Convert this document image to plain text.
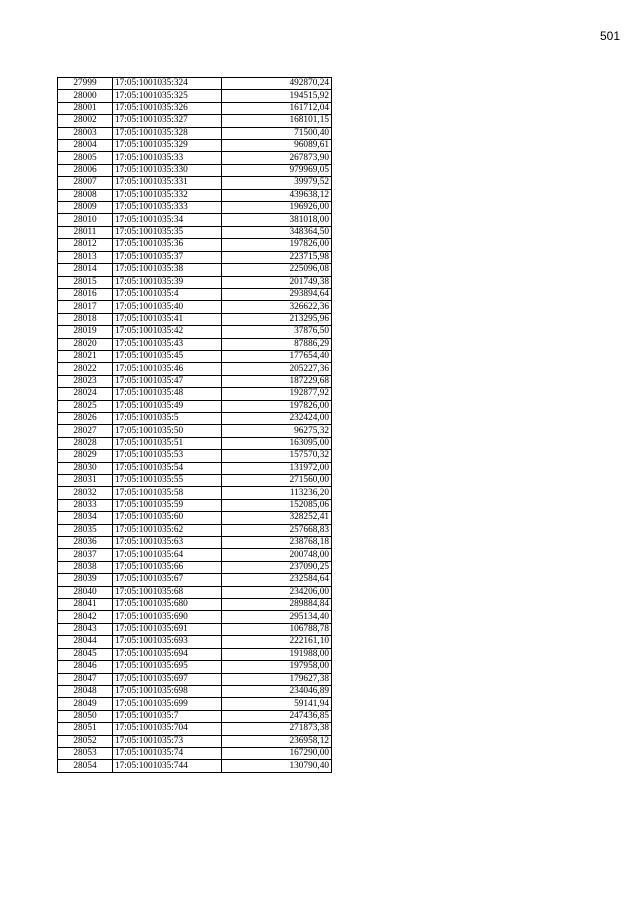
501
27999	17:05:1001035:324	492870,24
28000	17:05:1001035:325	194515,92
28001	17:05:1001035:326	161712,04
28002	17:05:1001035:327	168101,15
28003	17:05:1001035:328	71500,40
28004	17:05:1001035:329	96089,61
28005	17:05:1001035:33	267873,90
28006	17:05:1001035:330	979969,05
28007	17:05:1001035:331	39979,52
28008	17:05:1001035:332	439638,12
28009	17:05:1001035:333	196926,00
28010	17:05:1001035:34	381018,00
28011	17:05:1001035:35	348364,50
28012	17:05:1001035:36	197826,00
28013	17:05:1001035:37	223715,98
28014	17:05:1001035:38	225096,08
28015	17:05:1001035:39	201749,38
28016	17:05:1001035:4	293894,64
28017	17:05:1001035:40	326622,36
28018	17:05:1001035:41	213295,96
28019	17:05:1001035:42	37876,50
28020	17:05:1001035:43	87886,29
28021	17:05:1001035:45	177654,40
28022	17:05:1001035:46	205227,36
28023	17:05:1001035:47	187229,68
28024	17:05:1001035:48	192877,92
28025	17:05:1001035:49	197826,00
28026	17:05:1001035:5	232424,00
28027	17:05:1001035:50	96275,32
28028	17:05:1001035:51	163095,00
28029	17:05:1001035:53	157570,32
28030	17:05:1001035:54	131972,00
28031	17:05:1001035:55	271560,00
28032	17:05:1001035:58	113236,20
28033	17:05:1001035:59	152085,06
28034	17:05:1001035:60	328252,41
28035	17:05:1001035:62	257668,83
28036	17:05:1001035:63	238768,18
28037	17:05:1001035:64	200748,00
28038	17:05:1001035:66	237090,25
28039	17:05:1001035:67	232584,64
28040	17:05:1001035:68	234206,00
28041	17:05:1001035:680	289884,84
28042	17:05:1001035:690	295134,40
28043	17:05:1001035:691	106788,78
28044	17:05:1001035:693	222161,10
28045	17:05:1001035:694	191988,00
28046	17:05:1001035:695	197958,00
28047	17:05:1001035:697	179627,38
28048	17:05:1001035:698	234046,89
28049	17:05:1001035:699	59141,94
28050	17:05:1001035:7	247436,85
28051	17:05:1001035:704	271873,38
28052	17:05:1001035:73	236958,12
28053	17:05:1001035:74	167290,00
28054	17:05:1001035:744	130790,40
